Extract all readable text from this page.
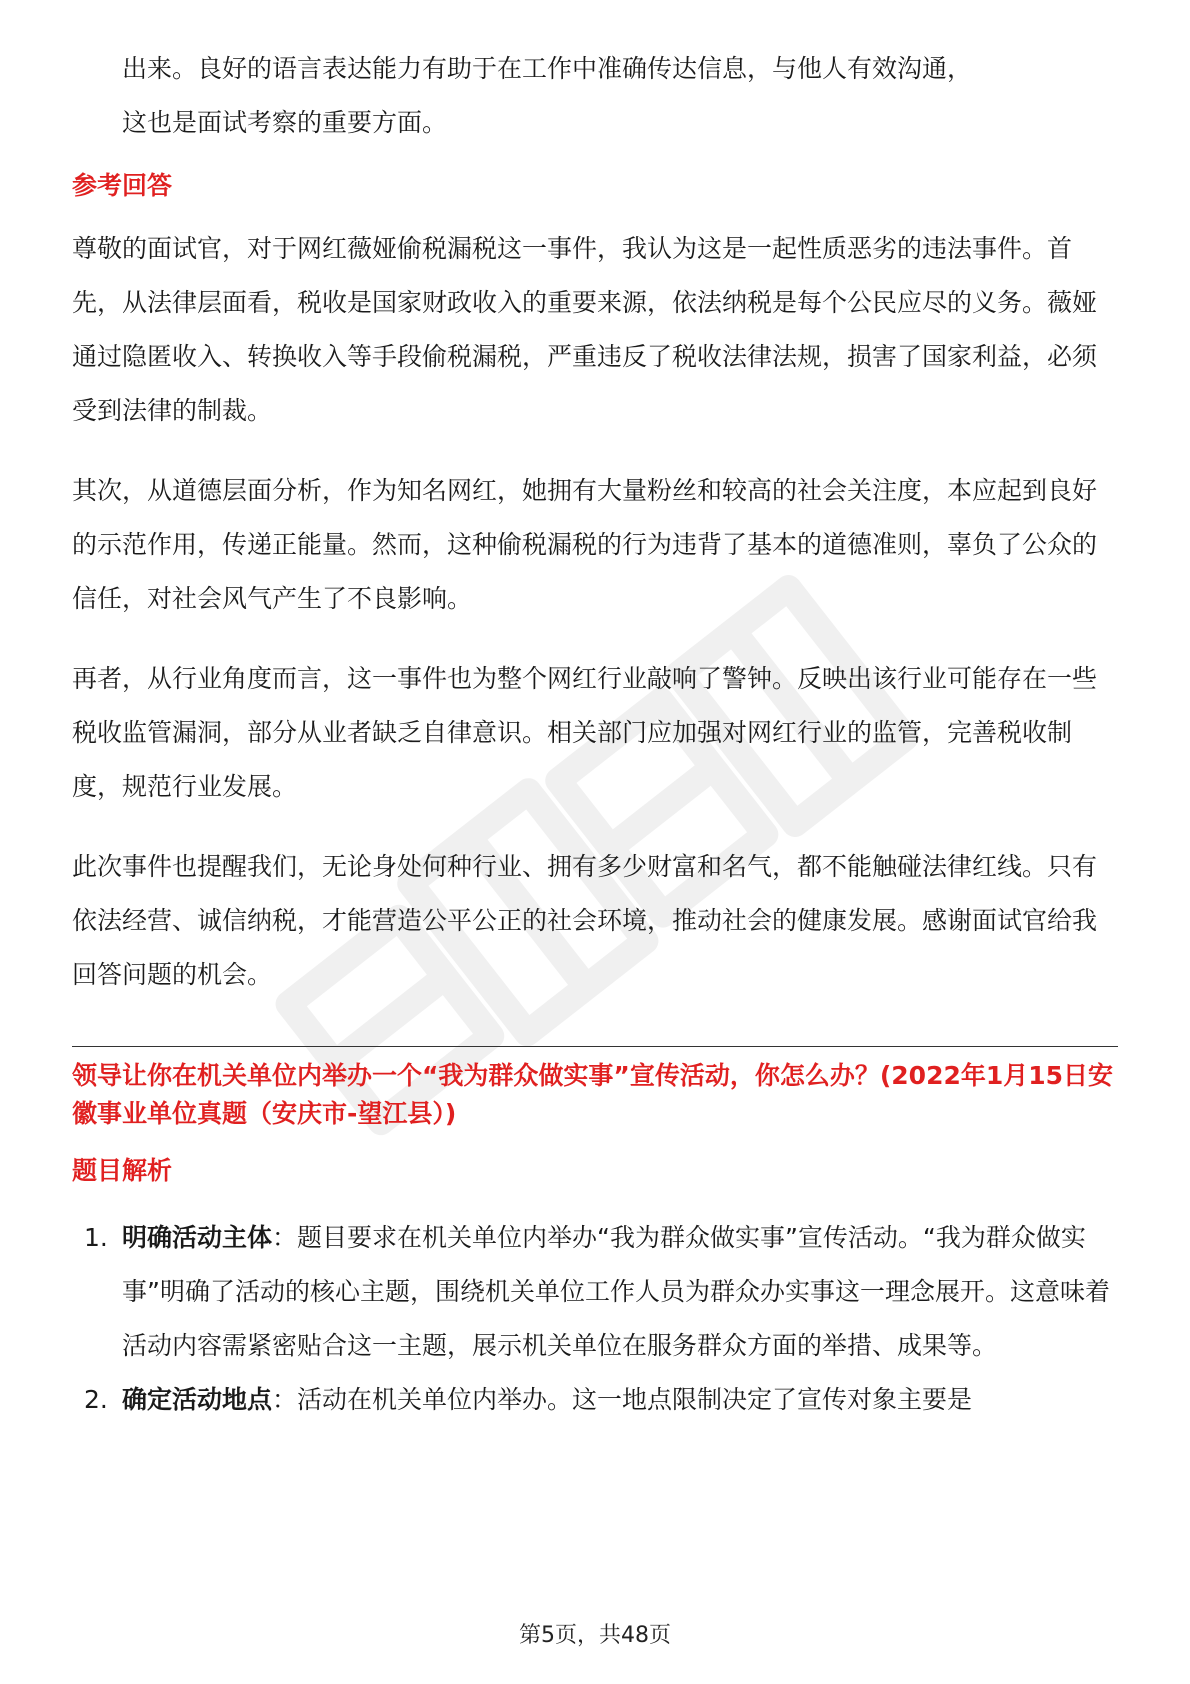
出来。良好的语言表达能力有助于在工作中准确传达信息，与他人有效沟通，

这也是面试考察的重要方面。

参考回答

尊敬的面试官，对于网红薇娅偷税漏税这一事件，我认为这是一起性质恶劣的违法事件。首先，从法律层面看，税收是国家财政收入的重要来源，依法纳税是每个公民应尽的义务。薇娅通过隐匿收入、转换收入等手段偷税漏税，严重违反了税收法律法规，损害了国家利益，必须受到法律的制裁。

其次，从道德层面分析，作为知名网红，她拥有大量粉丝和较高的社会关注度，本应起到良好的示范作用，传递正能量。然而，这种偷税漏税的行为违背了基本的道德准则，辜负了公众的信任，对社会风气产生了不良影响。

再者，从行业角度而言，这一事件也为整个网红行业敲响了警钟。反映出该行业可能存在一些税收监管漏洞，部分从业者缺乏自律意识。相关部门应加强对网红行业的监管，完善税收制度，规范行业发展。

此次事件也提醒我们，无论身处何种行业、拥有多少财富和名气，都不能触碰法律红线。只有依法经营、诚信纳税，才能营造公平公正的社会环境，推动社会的健康发展。感谢面试官给我回答问题的机会。

领导让你在机关单位内举办一个“我为群众做实事”宣传活动，你怎么办？(2022年1月15日安徽事业单位真题（安庆市-望江县）)

题目解析

1. 明确活动主体：题目要求在机关单位内举办“我为群众做实事”宣传活动。“我为群众做实事”明确了活动的核心主题，围绕机关单位工作人员为群众办实事这一理念展开。这意味着活动内容需紧密贴合这一主题，展示机关单位在服务群众方面的举措、成果等。
2. 确定活动地点：活动在机关单位内举办。这一地点限制决定了宣传对象主要是
第5页，共48页
